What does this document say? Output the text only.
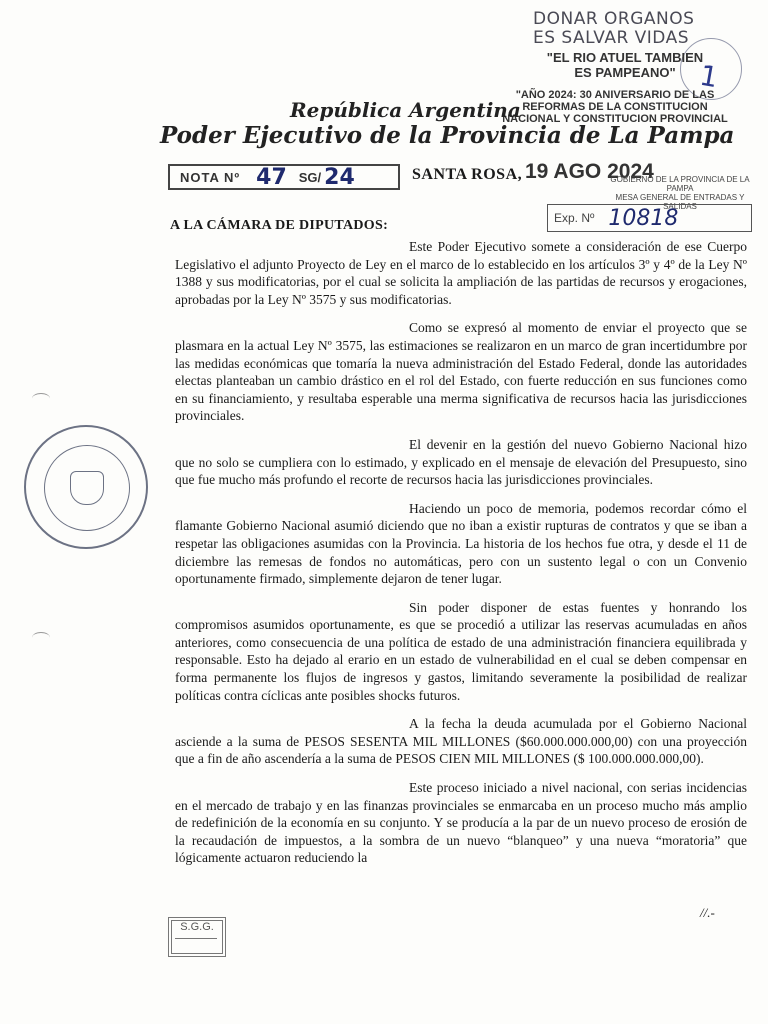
DONAR ORGANOS
ES SALVAR VIDAS
"EL RIO ATUEL TAMBIEN
ES PAMPEANO" 1
"AÑO 2024: 30 ANIVERSARIO DE LAS
REFORMAS DE LA CONSTITUCION
NACIONAL Y CONSTITUCION PROVINCIAL
República Argentina
Poder Ejecutivo de la Provincia de La Pampa
NOTA Nº 47 SG/ 24	SANTA ROSA, 19 AGO 2024
GOBIERNO DE LA PROVINCIA DE LA PAMPA
MESA GENERAL DE ENTRADAS Y SALIDAS
Exp. Nº 10818
A LA CÁMARA DE DIPUTADOS:

Este Poder Ejecutivo somete a consideración de ese Cuerpo Legislativo el adjunto Proyecto de Ley en el marco de lo establecido en los artículos 3º y 4º de la Ley Nº 1388 y sus modificatorias, por el cual se solicita la ampliación de las partidas de recursos y erogaciones, aprobadas por la Ley Nº 3575 y sus modificatorias.

Como se expresó al momento de enviar el proyecto que se plasmara en la actual Ley Nº 3575, las estimaciones se realizaron en un marco de gran incertidumbre por las medidas económicas que tomaría la nueva administración del Estado Federal, donde las autoridades electas planteaban un cambio drástico en el rol del Estado, con fuerte reducción en sus funciones como en su financiamiento, y resultaba esperable una merma significativa de recursos hacia las jurisdicciones provinciales.

El devenir en la gestión del nuevo Gobierno Nacional hizo que no solo se cumpliera con lo estimado, y explicado en el mensaje de elevación del Presupuesto, sino que fue mucho más profundo el recorte de recursos hacia las jurisdicciones provinciales.

Haciendo un poco de memoria, podemos recordar cómo el flamante Gobierno Nacional asumió diciendo que no iban a existir rupturas de contratos y que se iban a respetar las obligaciones asumidas con la Provincia. La historia de los hechos fue otra, y desde el 11 de diciembre las remesas de fondos no automáticas, pero con un sustento legal o con un Convenio oportunamente firmado, simplemente dejaron de tener lugar.

Sin poder disponer de estas fuentes y honrando los compromisos asumidos oportunamente, es que se procedió a utilizar las reservas acumuladas en años anteriores, como consecuencia de una política de estado de una administración financiera equilibrada y responsable. Esto ha dejado al erario en un estado de vulnerabilidad en el cual se deben compensar en forma permanente los flujos de ingresos y gastos, limitando severamente la posibilidad de realizar políticas contra cíclicas ante posibles shocks futuros.

A la fecha la deuda acumulada por el Gobierno Nacional asciende a la suma de PESOS SESENTA MIL MILLONES ($60.000.000.000,00) con una proyección que a fin de año ascendería a la suma de PESOS CIEN MIL MILLONES ($ 100.000.000.000,00).

Este proceso iniciado a nivel nacional, con serias incidencias en el mercado de trabajo y en las finanzas provinciales se enmarcaba en un proceso mucho más amplio de redefinición de la economía en su conjunto. Y se producía a la par de un nuevo proceso de erosión de la recaudación de impuestos, a la sombra de un nuevo “blanqueo” y una nueva “moratoria” que lógicamente actuaron reduciendo la

//.-
S.G.G.
